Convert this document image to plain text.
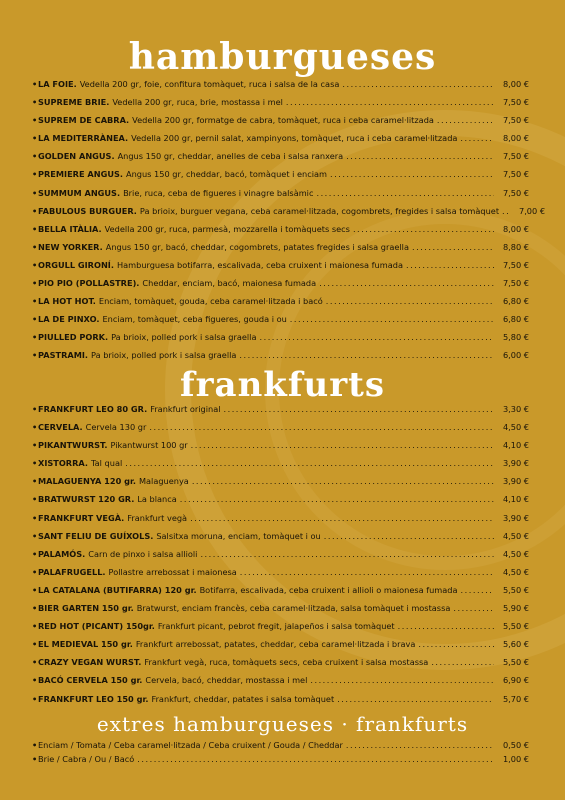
hamburgueses
• LA FOIE. Vedella 200 gr, foie, confitura tomàquet, ruca i salsa de la casa .....	8,00 €
• SUPREME BRIE. Vedella 200 gr, ruca, brie, mostassa i mel .....	7,50 €
• SUPREM DE CABRA. Vedella 200 gr, formatge de cabra, tomàquet, ruca i ceba caramel·litzada .....	7,50 €
• LA MEDITERRÀNEA. Vedella 200 gr, pernil salat, xampinyons, tomàquet, ruca i ceba caramel·litzada .....	8,00 €
• GOLDEN ANGUS. Angus 150 gr, cheddar, anelles de ceba i salsa ranxera .....	7,50 €
• PREMIERE ANGUS. Angus 150 gr, cheddar, bacó, tomàquet i enciam .....	7,50 €
• SUMMUM ANGUS. Brie, ruca, ceba de figueres i vinagre balsàmic .....	7,50 €
• FABULOUS BURGUER. Pa brioix, burguer vegana, ceba caramel·litzada, cogombrets, fregides i salsa tomàquet .....	7,00 €
• BELLA ITÀLIA. Vedella 200 gr, ruca, parmesà, mozzarella i tomàquets secs .....	8,00 €
• NEW YORKER. Angus 150 gr, bacó, cheddar, cogombrets, patates fregides i salsa graella .....	8,80 €
• ORGULL GIRONÍ. Hamburguesa botifarra, escalivada, ceba cruixent i maionesa fumada .....	7,50 €
• PIO PIO (POLLASTRE). Cheddar, enciam, bacó, maionesa fumada .....	7,50 €
• LA HOT HOT. Enciam, tomàquet, gouda, ceba caramel·litzada i bacó .....	6,80 €
• LA DE PINXO. Enciam, tomàquet, ceba figueres, gouda i ou .....	6,80 €
• PIULLED PORK. Pa brioix, polled pork i salsa graella .....	5,80 €
• PASTRAMI. Pa brioix, polled pork i salsa graella .....	6,00 €
frankfurts
• FRANKFURT LEO 80 GR. Frankfurt original .....	3,30 €
• CERVELA. Cervela 130 gr .....	4,50 €
• PIKANTWURST. Pikantwurst 100 gr .....	4,10 €
• XISTORRA. Tal qual .....	3,90 €
• MALAGUENYA 120 gr. Malaguenya .....	3,90 €
• BRATWURST 120 GR. La blanca .....	4,10 €
• FRANKFURT VEGÀ. Frankfurt vegà .....	3,90 €
• SANT FELIU DE GUÍXOLS. Salsitxa moruna, enciam, tomàquet i ou .....	4,50 €
• PALAMÓS. Carn de pinxo i salsa allioli .....	4,50 €
• PALAFRUGELL. Pollastre arrebossat i maionesa .....	4,50 €
• LA CATALANA (BUTIFARRA) 120 gr. Botifarra, escalivada, ceba cruixent i allioli o maionesa fumada .....	5,50 €
• BIER GARTEN 150 gr. Bratwurst, enciam francès, ceba caramel·litzada, salsa tomàquet i mostassa .....	5,90 €
• RED HOT (PICANT) 150gr. Frankfurt picant, pebrot fregit, jalapeños i salsa tomàquet .....	5,50 €
• EL MEDIEVAL 150 gr. Frankfurt arrebossat, patates, cheddar, ceba caramel·litzada i brava .....	5,60 €
• CRAZY VEGAN WURST. Frankfurt vegà, ruca, tomàquets secs, ceba cruixent i salsa mostassa .....	5,50 €
• BACÓ CERVELA 150 gr. Cervela, bacó, cheddar, mostassa i mel .....	6,90 €
• FRANKFURT LEO 150 gr. Frankfurt, cheddar, patates i salsa tomàquet .....	5,70 €
extres hamburgueses · frankfurts
• Enciam / Tomata / Ceba caramel·litzada / Ceba cruixent / Gouda / Cheddar .....	0,50 €
• Brie / Cabra / Ou / Bacó .....	1,00 €
